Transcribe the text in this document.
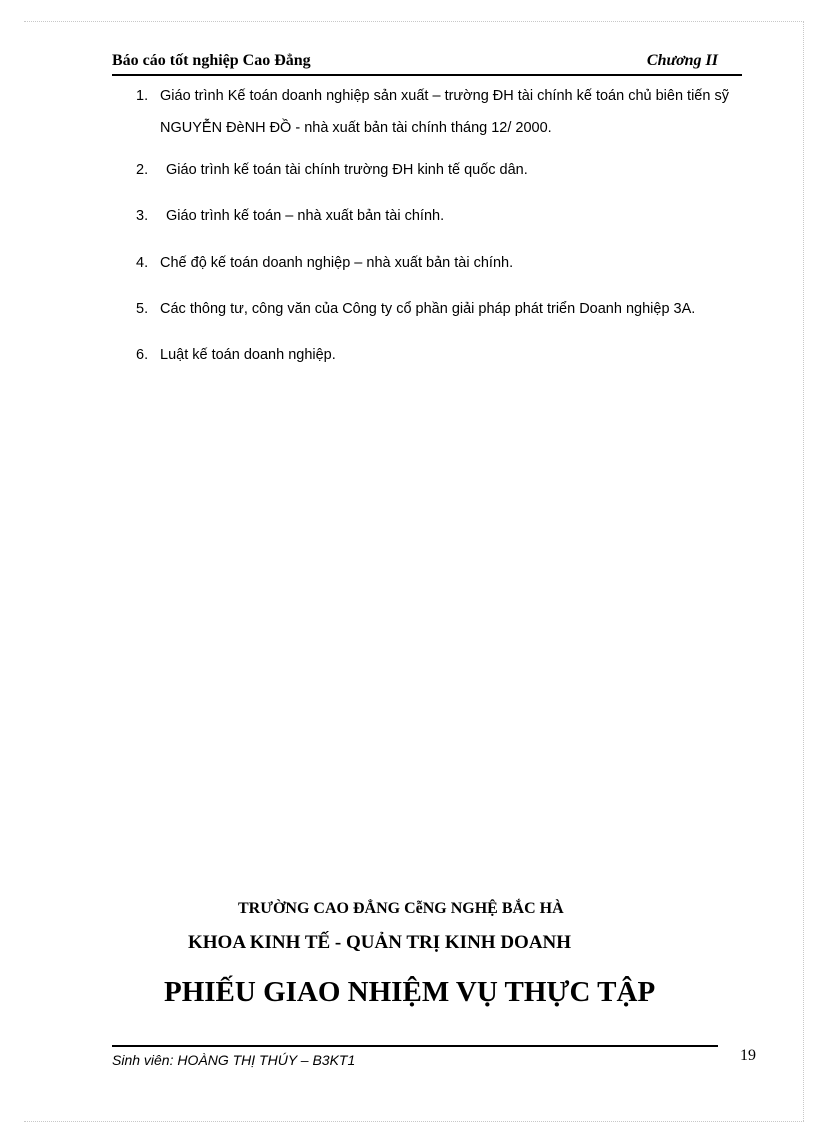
Báo cáo tốt nghiệp Cao Đẳng	Chương II
1. Giáo trình Kế toán doanh nghiệp sản xuất – trường ĐH tài chính kế toán chủ biên tiến sỹ NGUYỄN ĐèNH ĐỒ - nhà xuất bản tài chính tháng 12/ 2000.
2. Giáo trình kế toán tài chính trường ĐH kinh tế quốc dân.
3. Giáo trình kế toán – nhà xuất bản tài chính.
4. Chế độ kế toán doanh nghiệp – nhà xuất bản tài chính.
5. Các thông tư, công văn của Công ty cổ phần giải pháp phát triển Doanh nghiệp 3A.
6. Luật kế toán doanh nghiệp.
TRƯỜNG CAO ĐẲNG CễNG NGHỆ BẮC HÀ
KHOA KINH TẾ - QUẢN TRỊ KINH DOANH
PHIẾU GIAO NHIỆM VỤ THỰC TẬP
Sinh viên: HOÀNG THỊ THÚY – B3KT1	19
